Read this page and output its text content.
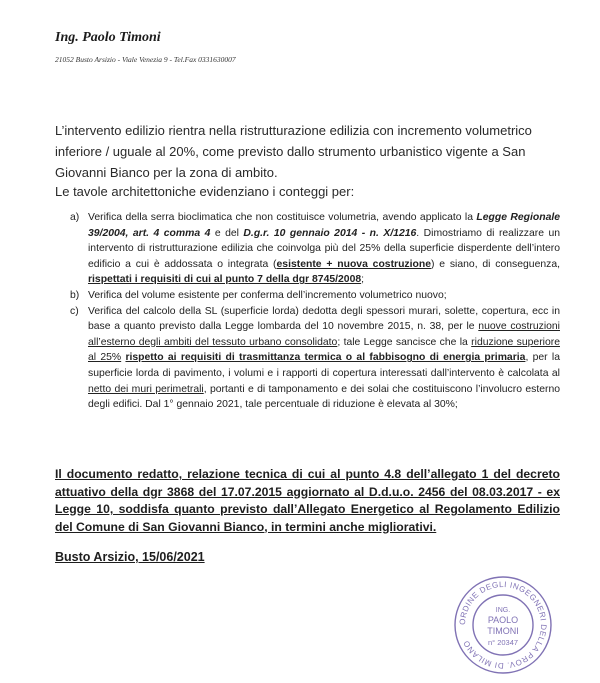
Ing. Paolo Timoni
21052 Busto Arsizio - Viale Venezia 9 - Tel.Fax 0331630007

L’intervento edilizio rientra nella ristrutturazione edilizia con incremento volumetrico inferiore / uguale al 20%, come previsto dallo strumento urbanistico vigente a San Giovanni Bianco per la zona di ambito.

Le tavole architettoniche evidenziano i conteggi per:

a) Verifica della serra bioclimatica che non costituisce volumetria, avendo applicato la Legge Regionale 39/2004, art. 4 comma 4 e del D.g.r. 10 gennaio 2014 - n. X/1216. Dimostriamo di realizzare un intervento di ristrutturazione edilizia che coinvolga più del 25% della superficie disperdente dell’intero edificio a cui è addossata o integrata (esistente + nuova costruzione) e siano, di conseguenza, rispettati i requisiti di cui al punto 7 della dgr 8745/2008;
b) Verifica del volume esistente per conferma dell’incremento volumetrico nuovo;
c) Verifica del calcolo della SL (superficie lorda) dedotta degli spessori murari, solette, copertura, ecc in base a quanto previsto dalla Legge lombarda del 10 novembre 2015, n. 38, per le nuove costruzioni all’esterno degli ambiti del tessuto urbano consolidato; tale Legge sancisce che la riduzione superiore al 25% rispetto ai requisiti di trasmittanza termica o al fabbisogno di energia primaria, per la superficie lorda di pavimento, i volumi e i rapporti di copertura interessati dall’intervento è calcolata al netto dei muri perimetrali, portanti e di tamponamento e dei solai che costituiscono l’involucro esterno degli edifici. Dal 1° gennaio 2021, tale percentuale di riduzione è elevata al 30%;

Il documento redatto, relazione tecnica di cui al punto 4.8 dell’allegato 1 del decreto attuativo della dgr 3868 del 17.07.2015 aggiornato al D.d.u.o. 2456 del 08.03.2017 - ex Legge 10, soddisfa quanto previsto dall’Allegato Energetico al Regolamento Edilizio del Comune di San Giovanni Bianco, in termini anche migliorativi.

Busto Arsizio, 15/06/2021

ORDINE DEGLI INGEGNERI DELLA PROV. DI MILANO
ING.
PAOLO
TIMONI
n° 20347
